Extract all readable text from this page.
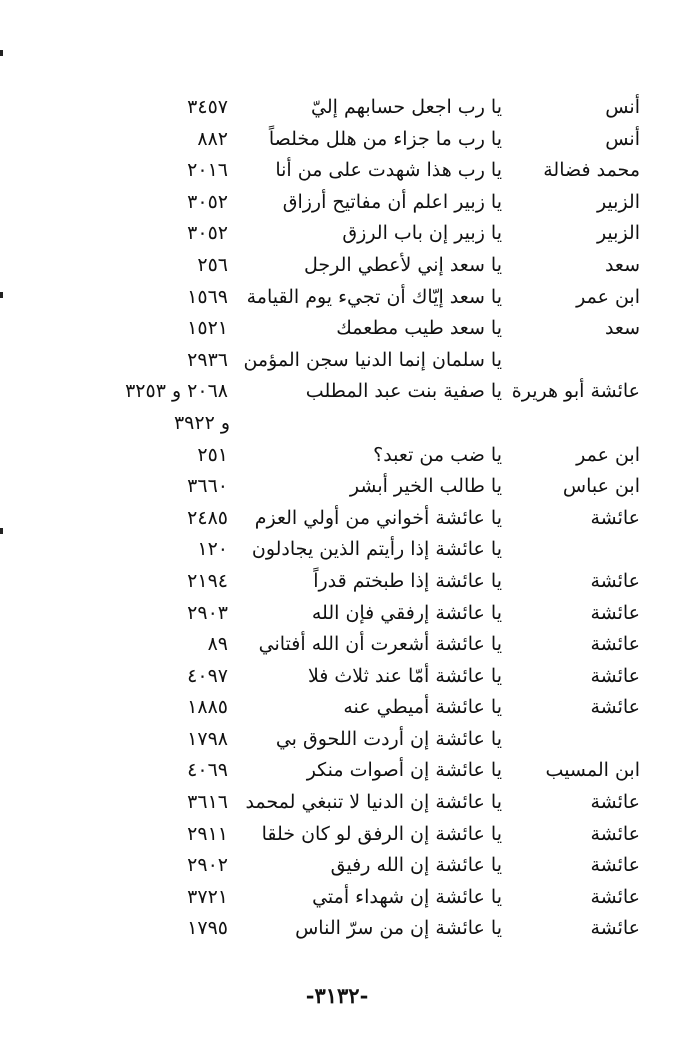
أنس
يا رب اجعل حسابهم إليّ
٣٤٥٧
أنس
يا رب ما جزاء من هلل مخلصاً
٨٨٢
محمد فضالة
يا رب هذا شهدت على من أنا
٢٠١٦
الزبير
يا زبير اعلم أن مفاتيح أرزاق
٣٠٥٢
الزبير
يا زبير إن باب الرزق
٣٠٥٢
سعد
يا سعد إني لأعطي الرجل
٢٥٦
ابن عمر
يا سعد إيّاك أن تجيء يوم القيامة
١٥٦٩
سعد
يا سعد طيب مطعمك
١٥٢١
يا سلمان إنما الدنيا سجن المؤمن
٢٩٣٦
عائشة أبو هريرة
يا صفية بنت عبد المطلب
٢٠٦٨ و ٣٢٥٣
و ٣٩٢٢
ابن عمر
يا ضب من تعبد؟
٢٥١
ابن عباس
يا طالب الخير أبشر
٣٦٦٠
عائشة
يا عائشة أخواني من أولي العزم
٢٤٨٥
يا عائشة إذا رأيتم الذين يجادلون
١٢٠
عائشة
يا عائشة إذا طبختم قدراً
٢١٩٤
عائشة
يا عائشة إرفقي فإن الله
٢٩٠٣
عائشة
يا عائشة أشعرت أن الله أفتاني
٨٩
عائشة
يا عائشة أمّا عند ثلاث فلا
٤٠٩٧
عائشة
يا عائشة أميطي عنه
١٨٨٥
يا عائشة إن أردت اللحوق بي
١٧٩٨
ابن المسيب
يا عائشة إن أصوات منكر
٤٠٦٩
عائشة
يا عائشة إن الدنيا لا تنبغي لمحمد
٣٦١٦
عائشة
يا عائشة إن الرفق لو كان خلقا
٢٩١١
عائشة
يا عائشة إن الله رفيق
٢٩٠٢
عائشة
يا عائشة إن شهداء أمتي
٣٧٢١
عائشة
يا عائشة إن من سرّ الناس
١٧٩٥
-٣١٣٢-
